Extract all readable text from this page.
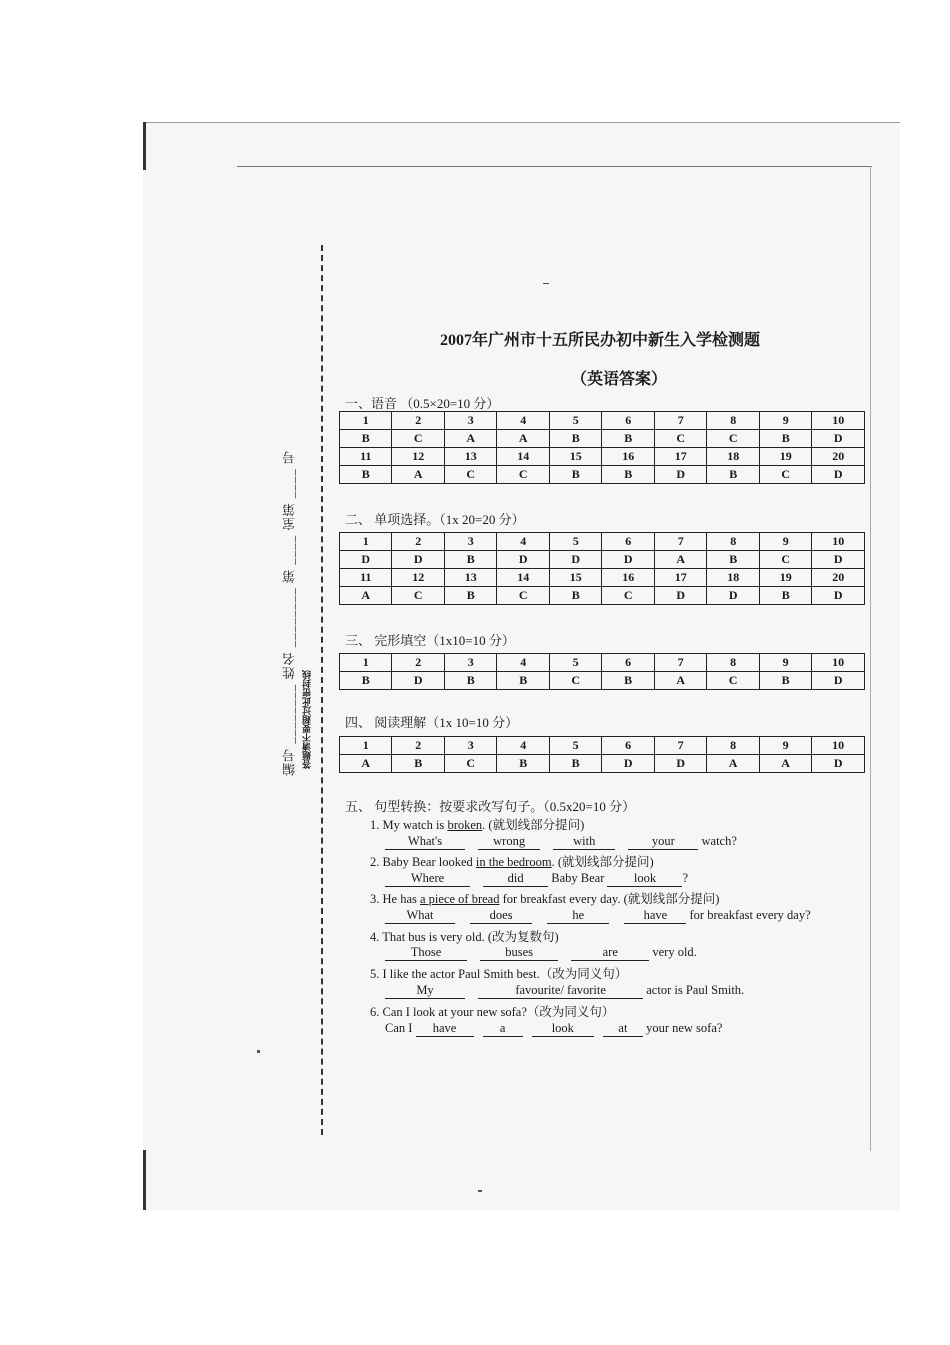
编号 ________ 姓名 ________ 第 ____ 室第 ____ 号 答题请不要超过此密封线
2007年广州市十五所民办初中新生入学检测题
（英语答案）
一、语音 （0.5×20=10 分）
1	2	3	4	5	6	7	8	9	10
B	C	A	A	B	B	C	C	B	D
11	12	13	14	15	16	17	18	19	20
B	A	C	C	B	B	D	B	C	D
二、 单项选择。（1x 20=20 分）
1	2	3	4	5	6	7	8	9	10
D	D	B	D	D	D	A	B	C	D
11	12	13	14	15	16	17	18	19	20
A	C	B	C	B	C	D	D	B	D
三、 完形填空（1x10=10 分）
1	2	3	4	5	6	7	8	9	10
B	D	B	B	C	B	A	C	B	D
四、 阅读理解（1x 10=10 分）
1	2	3	4	5	6	7	8	9	10
A	B	C	B	B	D	D	A	A	D
五、 句型转换：按要求改写句子。（0.5x20=10 分）
1. My watch is broken. (就划线部分提问)
What's	wrong	with	your watch?
2. Baby Bear looked in the bedroom. (就划线部分提问)
Where	did Baby Bear look ?
3. He has a piece of bread for breakfast every day. (就划线部分提问)
What	does	he	have for breakfast every day?
4. That bus is very old. (改为复数句)
Those	buses	are	very old.
5. I like the actor Paul Smith best.（改为同义句）
My	favourite/ favorite	actor is Paul Smith.
6. Can I look at your new sofa?（改为同义句）
Can I have	a	look	at your new sofa?
